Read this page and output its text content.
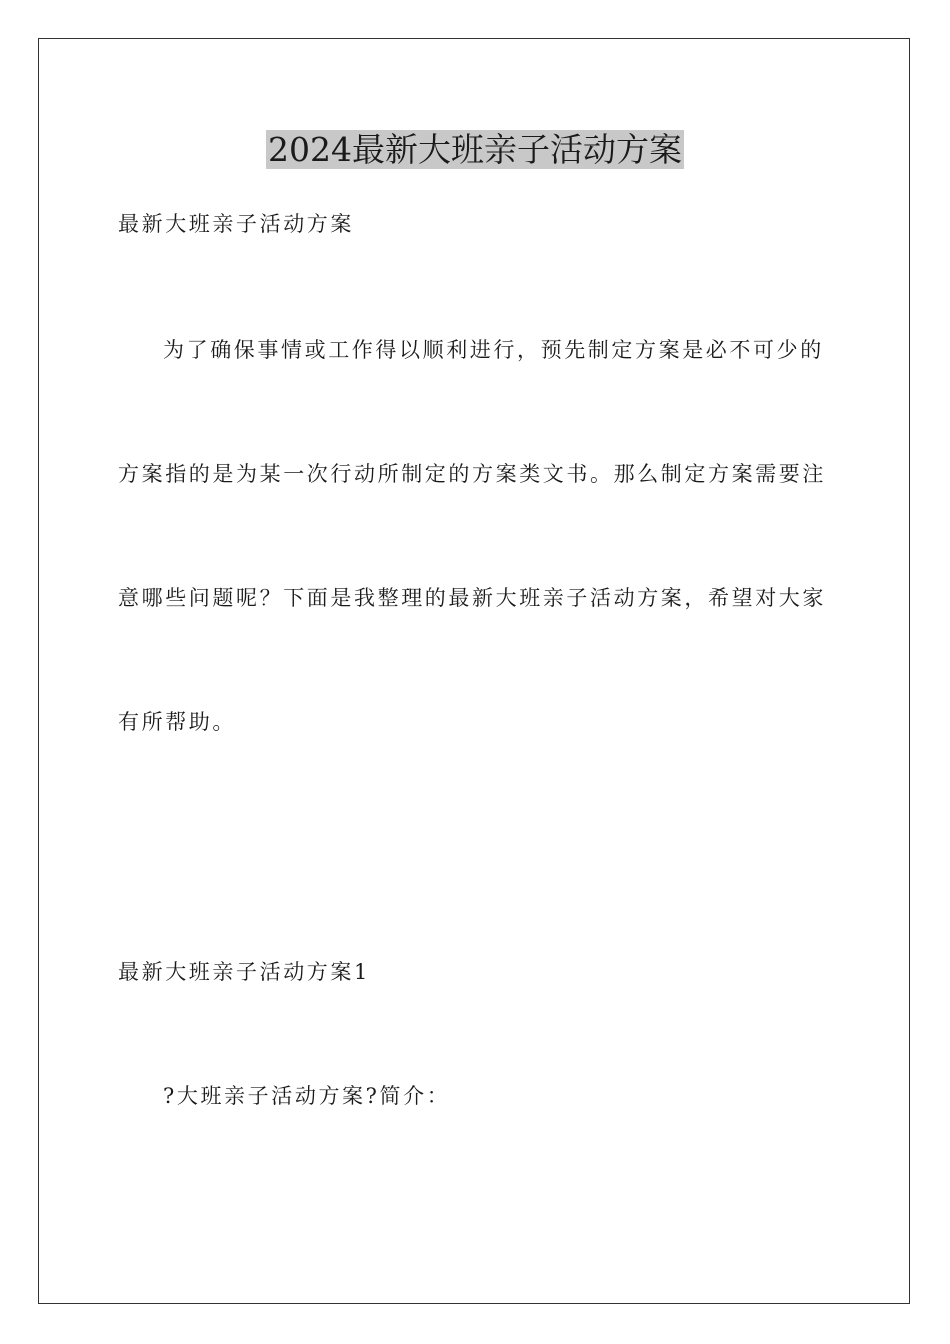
2024最新大班亲子活动方案

最新大班亲子活动方案

为了确保事情或工作得以顺利进行，预先制定方案是必不可少的

方案指的是为某一次行动所制定的方案类文书。那么制定方案需要注

意哪些问题呢？下面是我整理的最新大班亲子活动方案，希望对大家

有所帮助。

最新大班亲子活动方案1

?大班亲子活动方案?简介：
